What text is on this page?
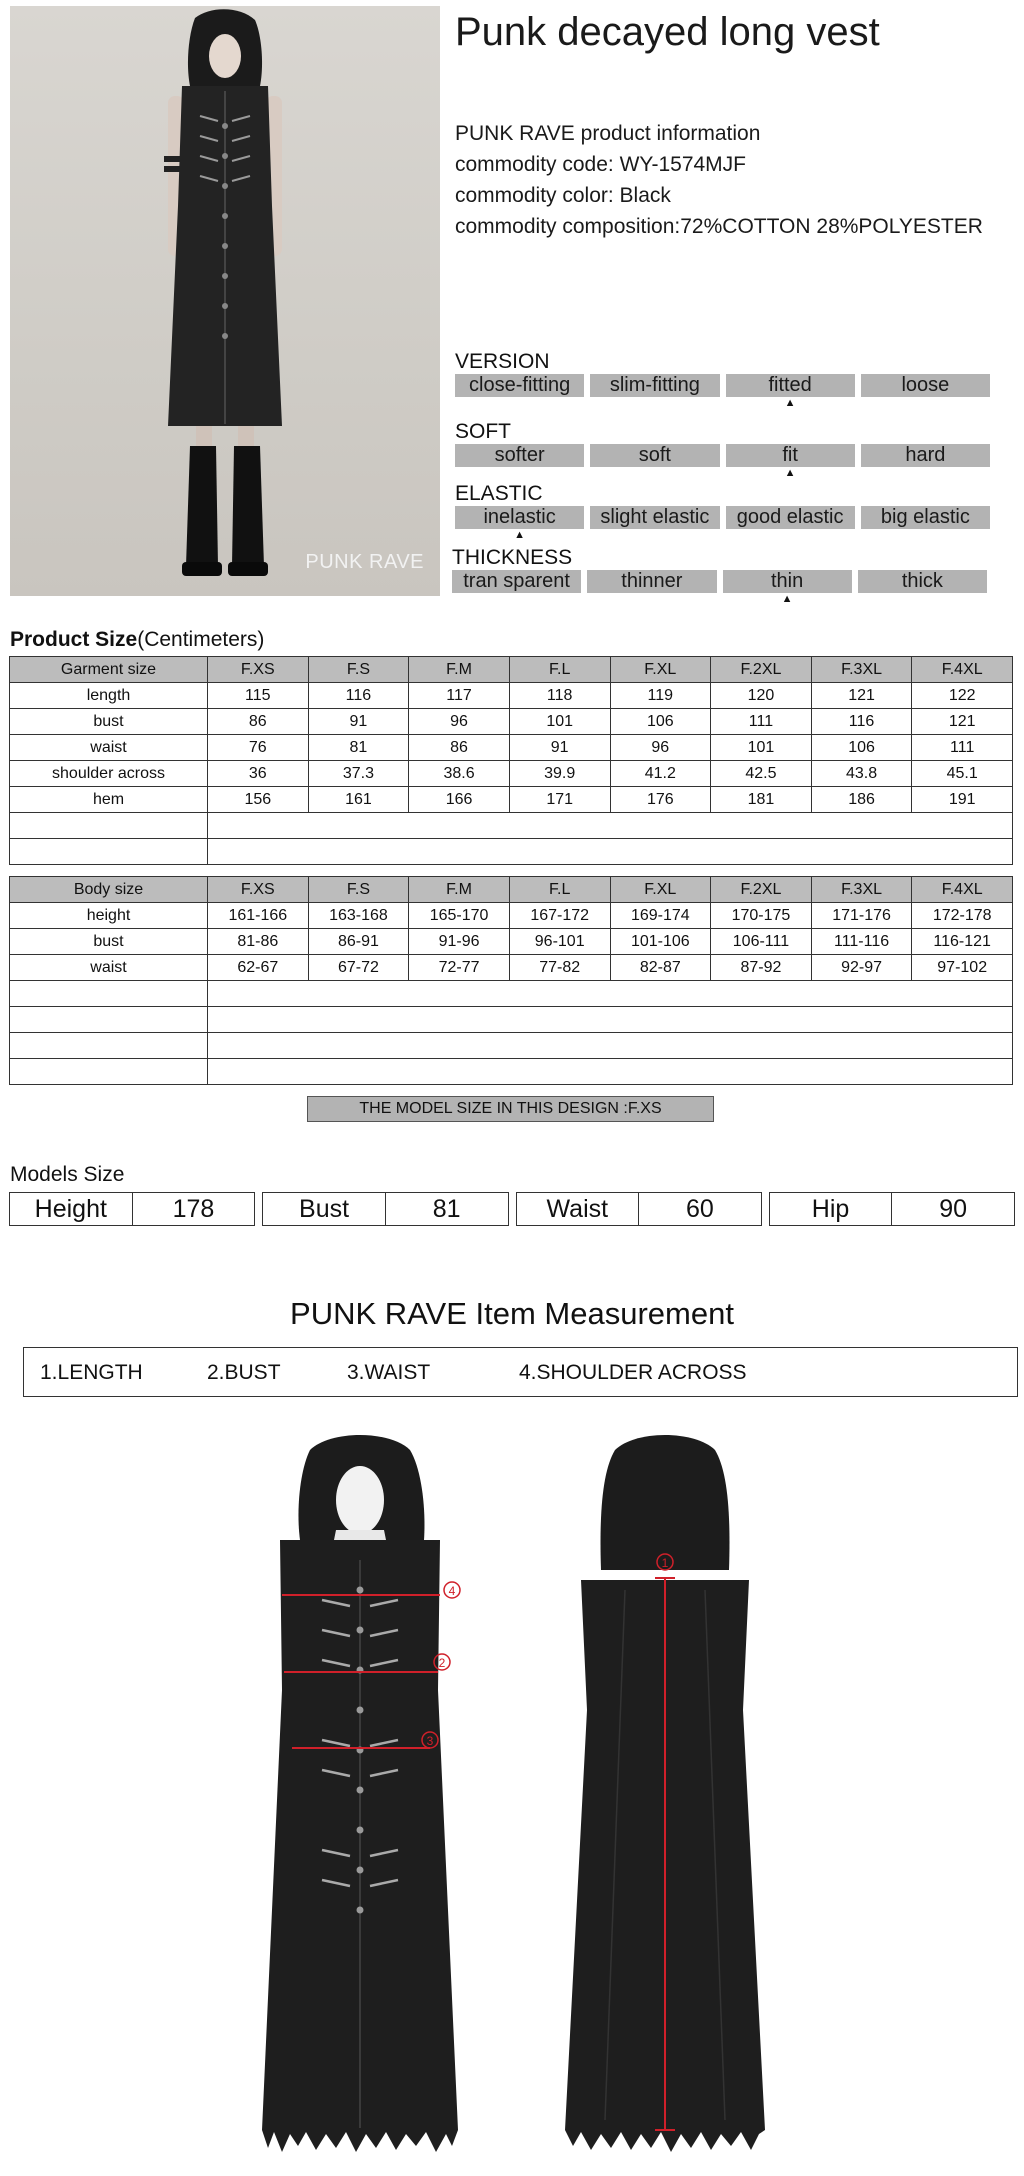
PUNK RAVE
Punk decayed long vest
PUNK RAVE product information
commodity code: WY-1574MJF
commodity color: Black
commodity composition:72%COTTON 28%POLYESTER
VERSION
close-fitting	slim-fitting	fitted	loose
▲
SOFT
softer	soft	fit	hard
▲
ELASTIC
inelastic	slight elastic	good elastic	big elastic
▲
THICKNESS
tran sparent	thinner	thin	thick
▲
Product Size(Centimeters)
Garment size	F.XS	F.S	F.M	F.L	F.XL	F.2XL	F.3XL	F.4XL
length	115	116	117	118	119	120	121	122
bust	86	91	96	101	106	111	116	121
waist	76	81	86	91	96	101	106	111
shoulder across	36	37.3	38.6	39.9	41.2	42.5	43.8	45.1
hem	156	161	166	171	176	181	186	191

Body size	F.XS	F.S	F.M	F.L	F.XL	F.2XL	F.3XL	F.4XL
height	161-166	163-168	165-170	167-172	169-174	170-175	171-176	172-178
bust	81-86	86-91	91-96	96-101	101-106	106-111	111-116	116-121
waist	62-67	67-72	72-77	77-82	82-87	87-92	92-97	97-102

THE MODEL SIZE IN THIS DESIGN :F.XS
Models Size
Height	178	Bust	81	Waist	60	Hip	90
PUNK RAVE Item Measurement
1.LENGTH	2.BUST	3.WAIST	4.SHOULDER ACROSS
4
2
3
1
